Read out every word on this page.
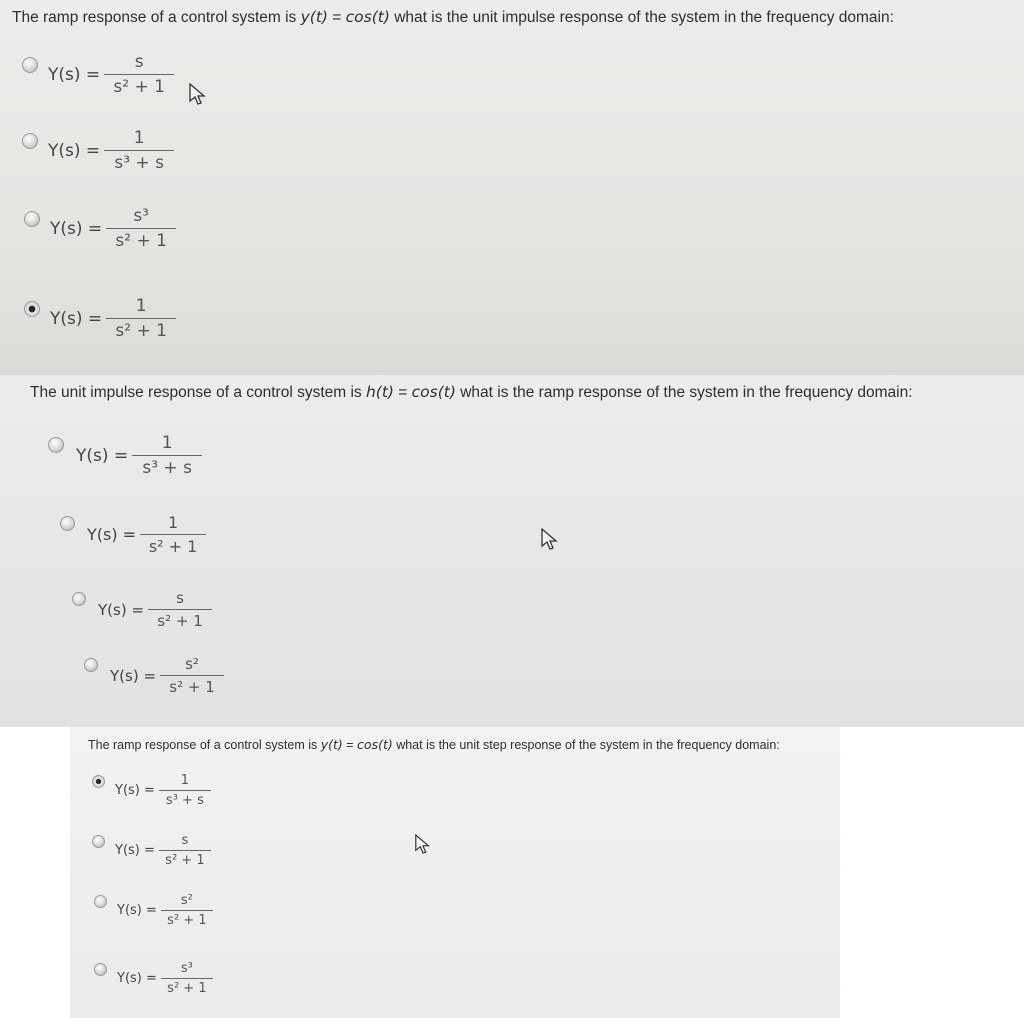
The ramp response of a control system is y(t) = cos(t) what is the unit impulse response of the system in the frequency domain:
$Y(s) = \frac{s}{\text{s² + 1}}$
$Y(s) = \frac{1}{\text{s³ + s}}$
$Y(s) = \frac{\text{s³}}{\text{s² + 1}}$
$Y(s) = \frac{1}{\text{s² + 1}}$
The unit impulse response of a control system is h(t) = cos(t) what is the ramp response of the system in the frequency domain:
$Y(s) = \frac{1}{\text{s³ + s}}$
$Y(s) = \frac{1}{\text{s² + 1}}$
$Y(s) = \frac{s}{\text{s² + 1}}$
$Y(s) = \frac{\text{s²}}{\text{s² + 1}}$
The ramp response of a control system is y(t) = cos(t) what is the unit step response of the system in the frequency domain:
$Y(s) = \frac{1}{\text{s³ + s}}$
$Y(s) = \frac{s}{\text{s² + 1}}$
$Y(s) = \frac{\text{s²}}{\text{s² + 1}}$
$Y(s) = \frac{\text{s³}}{\text{s² + 1}}$
